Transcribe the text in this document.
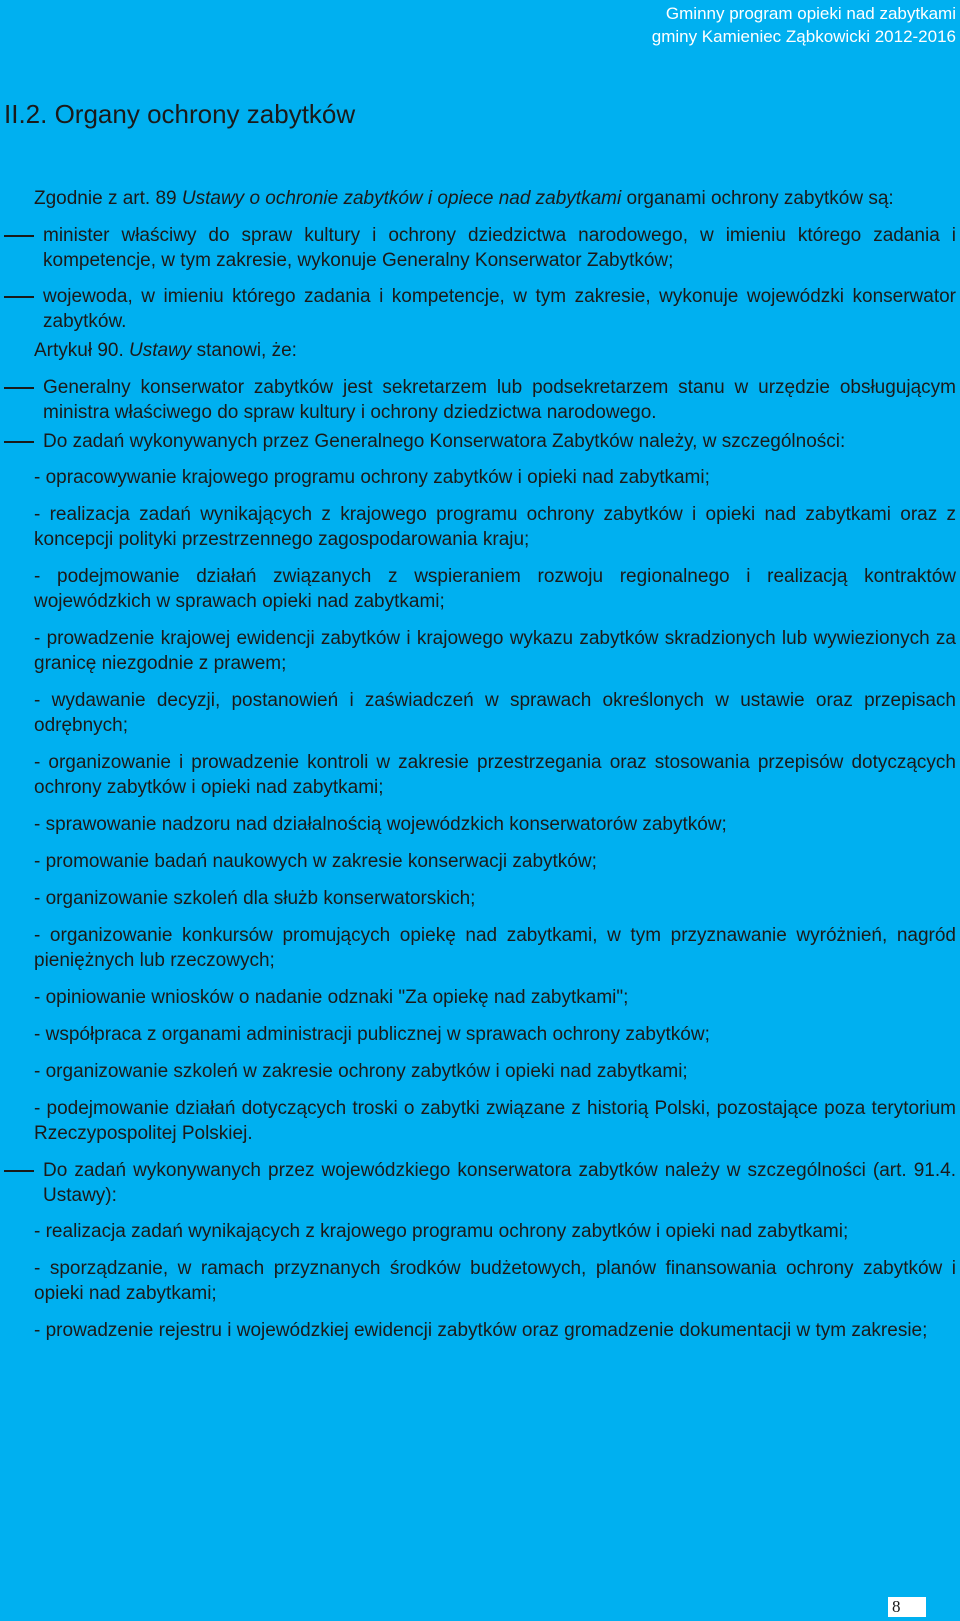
Gminny program opieki nad zabytkami
gminy Kamieniec Ząbkowicki 2012-2016
II.2. Organy ochrony zabytków

Zgodnie z art. 89 Ustawy o ochronie zabytków i opiece nad zabytkami organami ochrony zabytków są:

minister właściwy do spraw kultury i ochrony dziedzictwa narodowego, w imieniu którego zadania i kompetencje, w tym zakresie, wykonuje Generalny Konserwator Zabytków;

wojewoda, w imieniu którego zadania i kompetencje, w tym zakresie, wykonuje wojewódzki konserwator zabytków.

Artykuł 90. Ustawy stanowi, że:

Generalny konserwator zabytków jest sekretarzem lub podsekretarzem stanu w urzędzie obsługującym ministra właściwego do spraw kultury i ochrony dziedzictwa narodowego.

Do zadań wykonywanych przez Generalnego Konserwatora Zabytków należy, w szczególności:

- opracowywanie krajowego programu ochrony zabytków i opieki nad zabytkami;

- realizacja zadań wynikających z krajowego programu ochrony zabytków i opieki nad zabytkami oraz z koncepcji polityki przestrzennego zagospodarowania kraju;

- podejmowanie działań związanych z wspieraniem rozwoju regionalnego i realizacją kontraktów wojewódzkich w sprawach opieki nad zabytkami;

- prowadzenie krajowej ewidencji zabytków i krajowego wykazu zabytków skradzionych lub wywiezionych za granicę niezgodnie z prawem;

- wydawanie decyzji, postanowień i zaświadczeń w sprawach określonych w ustawie oraz przepisach odrębnych;

- organizowanie i prowadzenie kontroli w zakresie przestrzegania oraz stosowania przepisów dotyczących ochrony zabytków i opieki nad zabytkami;

- sprawowanie nadzoru nad działalnością wojewódzkich konserwatorów zabytków;

- promowanie badań naukowych w zakresie konserwacji zabytków;

- organizowanie szkoleń dla służb konserwatorskich;

- organizowanie konkursów promujących opiekę nad zabytkami, w tym przyznawanie wyróżnień, nagród pieniężnych lub rzeczowych;

- opiniowanie wniosków o nadanie odznaki "Za opiekę nad zabytkami";

- współpraca z organami administracji publicznej w sprawach ochrony zabytków;

- organizowanie szkoleń w zakresie ochrony zabytków i opieki nad zabytkami;

- podejmowanie działań dotyczących troski o zabytki związane z historią Polski, pozostające poza terytorium Rzeczypospolitej Polskiej.

Do zadań wykonywanych przez wojewódzkiego konserwatora zabytków należy w szczególności (art. 91.4. Ustawy):

- realizacja zadań wynikających z krajowego programu ochrony zabytków i opieki nad zabytkami;

- sporządzanie, w ramach przyznanych środków budżetowych, planów finansowania ochrony zabytków i opieki nad zabytkami;

- prowadzenie rejestru i wojewódzkiej ewidencji zabytków oraz gromadzenie dokumentacji w tym zakresie;

8
